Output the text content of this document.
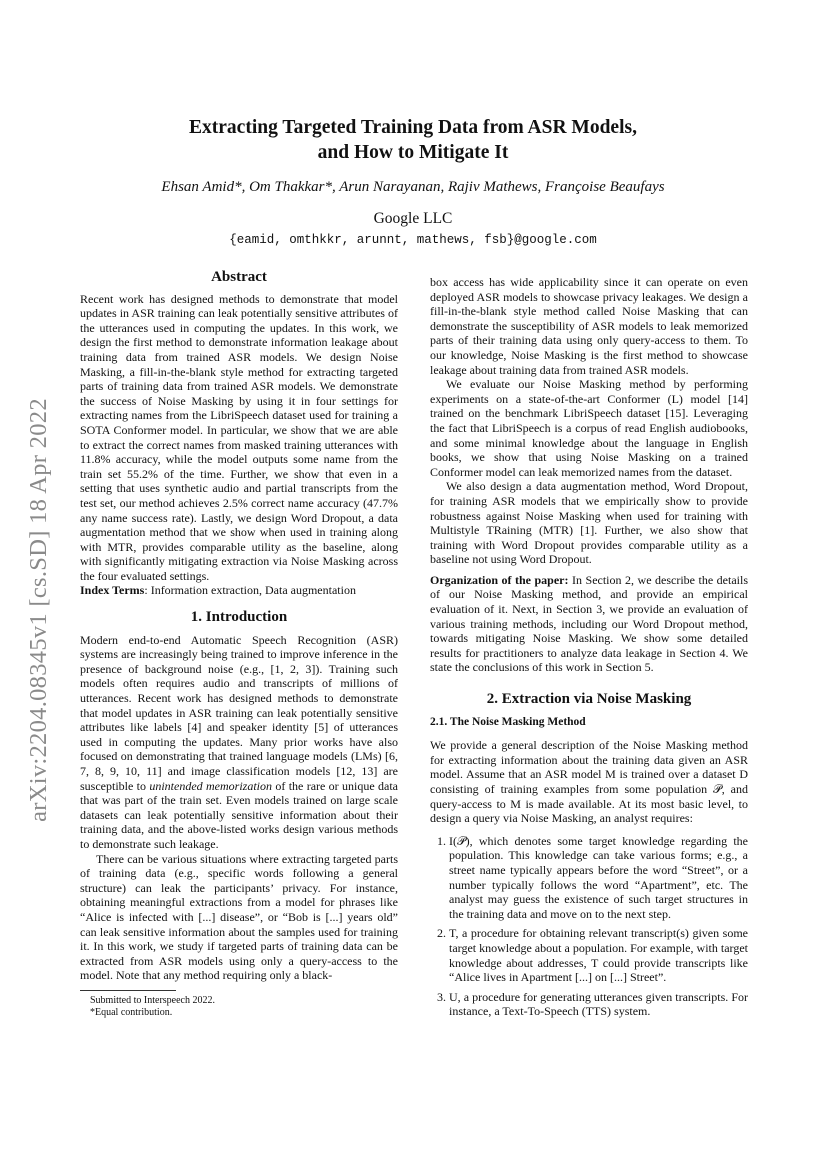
arXiv:2204.08345v1 [cs.SD] 18 Apr 2022
Extracting Targeted Training Data from ASR Models,
and How to Mitigate It
Ehsan Amid*, Om Thakkar*, Arun Narayanan, Rajiv Mathews, Françoise Beaufays
Google LLC
{eamid, omthkkr, arunnt, mathews, fsb}@google.com
Abstract

Recent work has designed methods to demonstrate that model updates in ASR training can leak potentially sensitive attributes of the utterances used in computing the updates. In this work, we design the first method to demonstrate information leakage about training data from trained ASR models. We design Noise Masking, a fill-in-the-blank style method for extracting targeted parts of training data from trained ASR models. We demonstrate the success of Noise Masking by using it in four settings for extracting names from the LibriSpeech dataset used for training a SOTA Conformer model. In particular, we show that we are able to extract the correct names from masked training utterances with 11.8% accuracy, while the model outputs some name from the train set 55.2% of the time. Further, we show that even in a setting that uses synthetic audio and partial transcripts from the test set, our method achieves 2.5% correct name accuracy (47.7% any name success rate). Lastly, we design Word Dropout, a data augmentation method that we show when used in training along with MTR, provides comparable utility as the baseline, along with significantly mitigating extraction via Noise Masking across the four evaluated settings.

Index Terms: Information extraction, Data augmentation

1. Introduction

Modern end-to-end Automatic Speech Recognition (ASR) systems are increasingly being trained to improve inference in the presence of background noise (e.g., [1, 2, 3]). Training such models often requires audio and transcripts of millions of utterances. Recent work has designed methods to demonstrate that model updates in ASR training can leak potentially sensitive attributes like labels [4] and speaker identity [5] of utterances used in computing the updates. Many prior works have also focused on demonstrating that trained language models (LMs) [6, 7, 8, 9, 10, 11] and image classification models [12, 13] are susceptible to unintended memorization of the rare or unique data that was part of the train set. Even models trained on large scale datasets can leak potentially sensitive information about their training data, and the above-listed works design various methods to demonstrate such leakage.

There can be various situations where extracting targeted parts of training data (e.g., specific words following a general structure) can leak the participants’ privacy. For instance, obtaining meaningful extractions from a model for phrases like “Alice is infected with [...] disease”, or “Bob is [...] years old” can leak sensitive information about the samples used for training it. In this work, we study if targeted parts of training data can be extracted from ASR models using only a query-access to the model. Note that any method requiring only a black-

Submitted to Interspeech 2022.
*Equal contribution.

box access has wide applicability since it can operate on even deployed ASR models to showcase privacy leakages. We design a fill-in-the-blank style method called Noise Masking that can demonstrate the susceptibility of ASR models to leak memorized parts of their training data using only query-access to them. To our knowledge, Noise Masking is the first method to showcase leakage about training data from trained ASR models.

We evaluate our Noise Masking method by performing experiments on a state-of-the-art Conformer (L) model [14] trained on the benchmark LibriSpeech dataset [15]. Leveraging the fact that LibriSpeech is a corpus of read English audiobooks, and some minimal knowledge about the language in English books, we show that using Noise Masking on a trained Conformer model can leak memorized names from the dataset.

We also design a data augmentation method, Word Dropout, for training ASR models that we empirically show to provide robustness against Noise Masking when used for training with Multistyle TRaining (MTR) [1]. Further, we also show that training with Word Dropout provides comparable utility as a baseline not using Word Dropout.

Organization of the paper: In Section 2, we describe the details of our Noise Masking method, and provide an empirical evaluation of it. Next, in Section 3, we provide an evaluation of various training methods, including our Word Dropout method, towards mitigating Noise Masking. We show some detailed results for practitioners to analyze data leakage in Section 4. We state the conclusions of this work in Section 5.

2. Extraction via Noise Masking
2.1. The Noise Masking Method

We provide a general description of the Noise Masking method for extracting information about the training data given an ASR model. Assume that an ASR model M is trained over a dataset D consisting of training examples from some population 𝒫, and query-access to M is made available. At its most basic level, to design a query via Noise Masking, an analyst requires:

1. I(𝒫), which denotes some target knowledge regarding the population. This knowledge can take various forms; e.g., a street name typically appears before the word “Street”, or a number typically follows the word “Apartment”, etc. The analyst may guess the existence of such target structures in the training data and move on to the next step.
2. T, a procedure for obtaining relevant transcript(s) given some target knowledge about a population. For example, with target knowledge about addresses, T could provide transcripts like “Alice lives in Apartment [...] on [...] Street”.
3. U, a procedure for generating utterances given transcripts. For instance, a Text-To-Speech (TTS) system.
